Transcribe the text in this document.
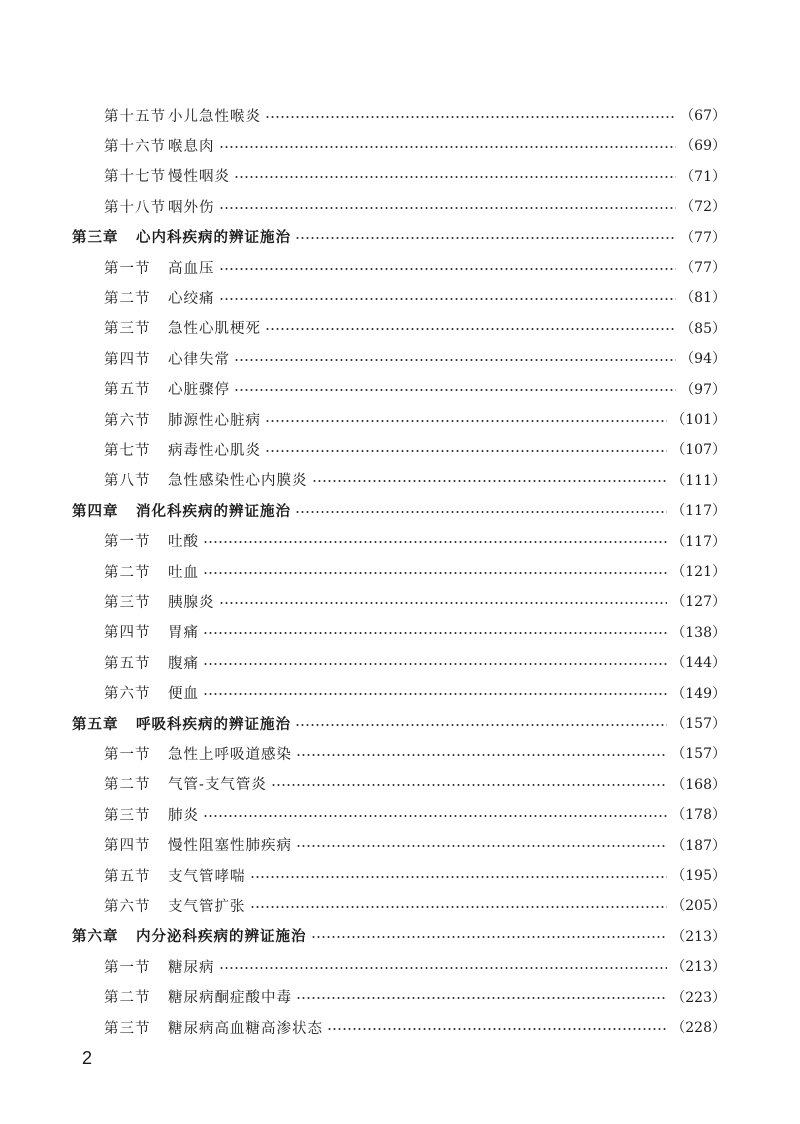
第十五节 小儿急性喉炎	（67）
第十六节 喉息肉	（69）
第十七节 慢性咽炎	（71）
第十八节 咽外伤	（72）
第三章	心内科疾病的辨证施治	（77）
第一节	高血压	（77）
第二节	心绞痛	（81）
第三节	急性心肌梗死	（85）
第四节	心律失常	（94）
第五节	心脏骤停	（97）
第六节	肺源性心脏病	（101）
第七节	病毒性心肌炎	（107）
第八节	急性感染性心内膜炎	（111）
第四章	消化科疾病的辨证施治	（117）
第一节	吐酸	（117）
第二节	吐血	（121）
第三节	胰腺炎	（127）
第四节	胃痛	（138）
第五节	腹痛	（144）
第六节	便血	（149）
第五章	呼吸科疾病的辨证施治	（157）
第一节	急性上呼吸道感染	（157）
第二节	气管-支气管炎	（168）
第三节	肺炎	（178）
第四节	慢性阻塞性肺疾病	（187）
第五节	支气管哮喘	（195）
第六节	支气管扩张	（205）
第六章	内分泌科疾病的辨证施治	（213）
第一节	糖尿病	（213）
第二节	糖尿病酮症酸中毒	（223）
第三节	糖尿病高血糖高渗状态	（228）
2
